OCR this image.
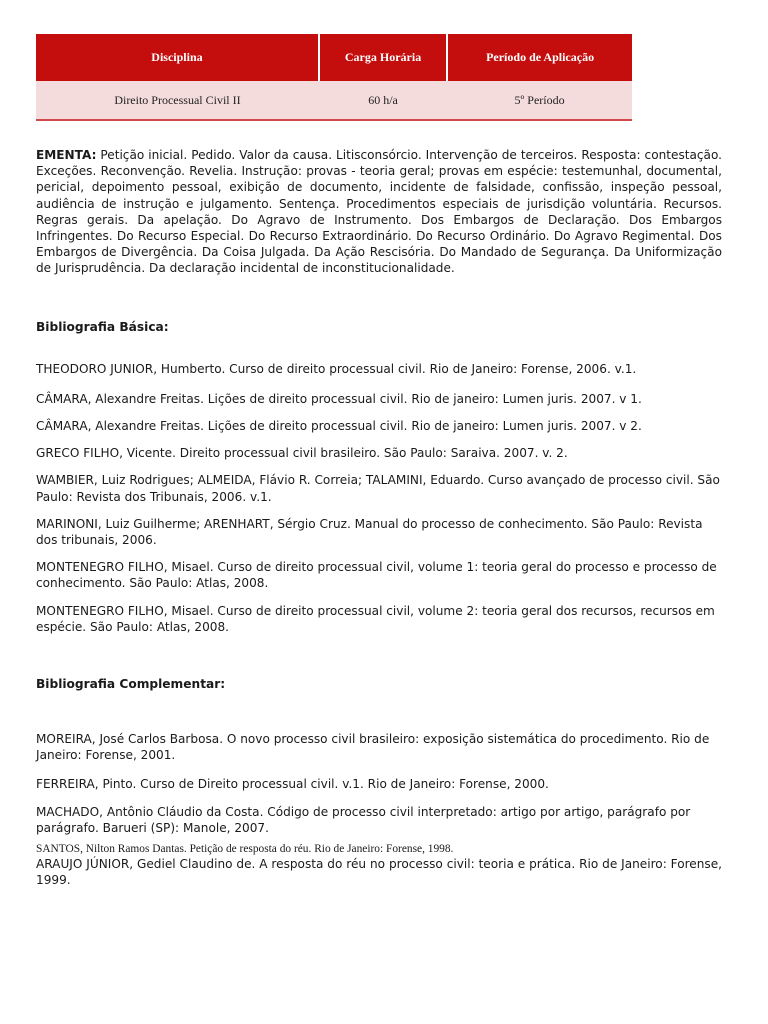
Disciplina	Carga Horária	Período de Aplicação
Direito Processual Civil II	60 h/a	5º Período

EMENTA: Petição inicial. Pedido. Valor da causa. Litisconsórcio. Intervenção de terceiros. Resposta: contestação. Exceções. Reconvenção. Revelia. Instrução: provas - teoria geral; provas em espécie: testemunhal, documental, pericial, depoimento pessoal, exibição de documento, incidente de falsidade, confissão, inspeção pessoal, audiência de instrução e julgamento. Sentença. Procedimentos especiais de jurisdição voluntária. Recursos. Regras gerais. Da apelação. Do Agravo de Instrumento. Dos Embargos de Declaração. Dos Embargos Infringentes. Do Recurso Especial. Do Recurso Extraordinário. Do Recurso Ordinário. Do Agravo Regimental. Dos Embargos de Divergência. Da Coisa Julgada. Da Ação Rescisória. Do Mandado de Segurança. Da Uniformização de Jurisprudência. Da declaração incidental de inconstitucionalidade.

Bibliografia Básica:
THEODORO JUNIOR, Humberto. Curso de direito processual civil. Rio de Janeiro: Forense, 2006. v.1.
CÂMARA, Alexandre Freitas. Lições de direito processual civil. Rio de janeiro: Lumen juris. 2007. v 1.
CÂMARA, Alexandre Freitas. Lições de direito processual civil. Rio de janeiro: Lumen juris. 2007. v 2.
GRECO FILHO, Vicente. Direito processual civil brasileiro. São Paulo: Saraiva. 2007. v. 2.
WAMBIER, Luiz Rodrigues; ALMEIDA, Flávio R. Correia; TALAMINI, Eduardo. Curso avançado de processo civil. São Paulo: Revista dos Tribunais, 2006. v.1.
MARINONI, Luiz Guilherme; ARENHART, Sérgio Cruz. Manual do processo de conhecimento. São Paulo: Revista dos tribunais, 2006.
MONTENEGRO FILHO, Misael. Curso de direito processual civil, volume 1: teoria geral do processo e processo de conhecimento. São Paulo: Atlas, 2008.
MONTENEGRO FILHO, Misael. Curso de direito processual civil, volume 2: teoria geral dos recursos, recursos em espécie. São Paulo: Atlas, 2008.
Bibliografia Complementar:
MOREIRA, José Carlos Barbosa. O novo processo civil brasileiro: exposição sistemática do procedimento. Rio de Janeiro: Forense, 2001.
FERREIRA, Pinto. Curso de Direito processual civil. v.1. Rio de Janeiro: Forense, 2000.
MACHADO, Antônio Cláudio da Costa. Código de processo civil interpretado: artigo por artigo, parágrafo por parágrafo. Barueri (SP): Manole, 2007.
SANTOS, Nilton Ramos Dantas. Petição de resposta do réu. Rio de Janeiro: Forense, 1998.
ARAUJO JÚNIOR, Gediel Claudino de. A resposta do réu no processo civil: teoria e prática. Rio de Janeiro: Forense, 1999.
